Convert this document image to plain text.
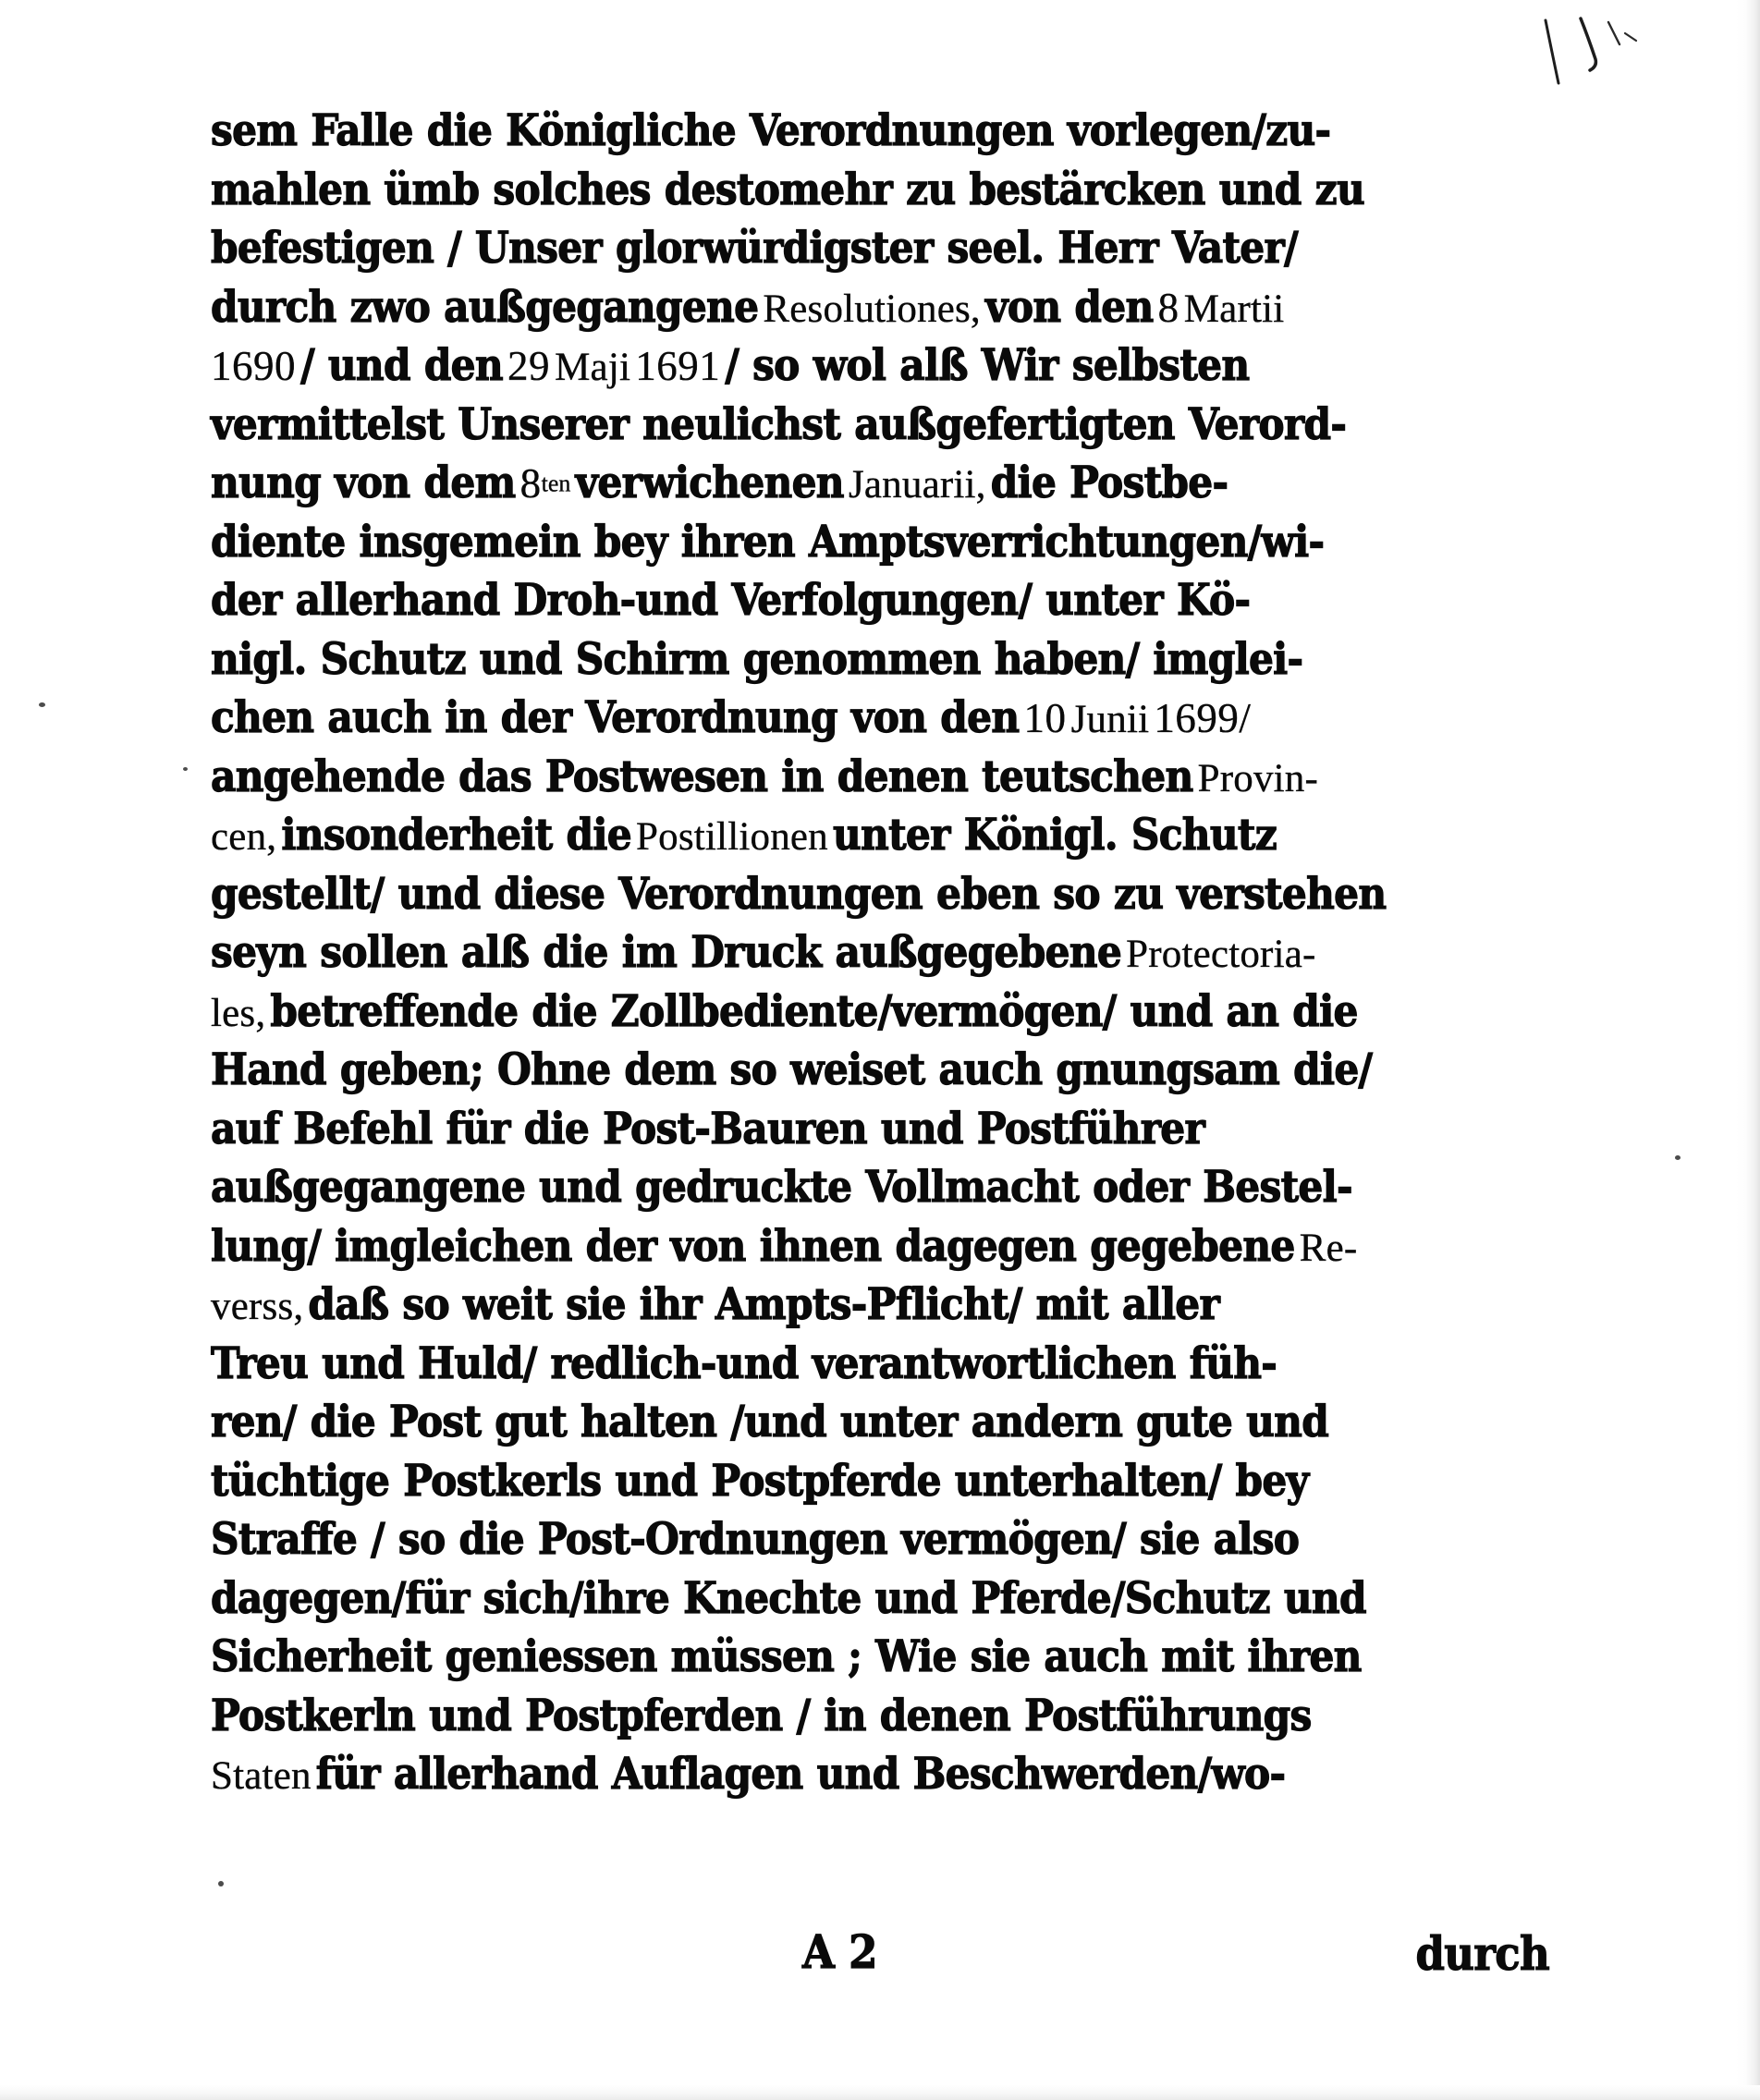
sem Falle die Königliche Verordnungen vorlegen/zu-
mahlen ümb solches destomehr zu bestärcken und zu
befestigen / Unser glorwürdigster seel. Herr Vater/
durch zwo außgegangene Resolutiones, von den 8 Martii
1690 / und den 29 Maji 1691 / so wol alß Wir selbsten
vermittelst Unserer neulichst außgefertigten Verord-
nung von dem 8ten verwichenen Januarii, die Postbe-
diente insgemein bey ihren Amptsverrichtungen/wi-
der allerhand Droh-und Verfolgungen/ unter Kö-
nigl. Schutz und Schirm genommen haben/ imglei-
chen auch in der Verordnung von den 10 Junii 1699/
angehende das Postwesen in denen teutschen Provin-
cen, insonderheit die Postillionen unter Königl. Schutz
gestellt/ und diese Verordnungen eben so zu verstehen
seyn sollen alß die im Druck außgegebene Protectoria-
les, betreffende die Zollbediente/vermögen/ und an die
Hand geben; Ohne dem so weiset auch gnungsam die/
auf Befehl für die Post-Bauren und Postführer
außgegangene und gedruckte Vollmacht oder Bestel-
lung/ imgleichen der von ihnen dagegen gegebene Re-
verss, daß so weit sie ihr Ampts-Pflicht/ mit aller
Treu und Huld/ redlich-und verantwortlichen füh-
ren/ die Post gut halten /und unter andern gute und
tüchtige Postkerls und Postpferde unterhalten/ bey
Straffe / so die Post-Ordnungen vermögen/ sie also
dagegen/für sich/ihre Knechte und Pferde/Schutz und
Sicherheit geniessen müssen ; Wie sie auch mit ihren
Postkerln und Postpferden / in denen Postführungs
Staten für allerhand Auflagen und Beschwerden/wo-
A 2	durch
